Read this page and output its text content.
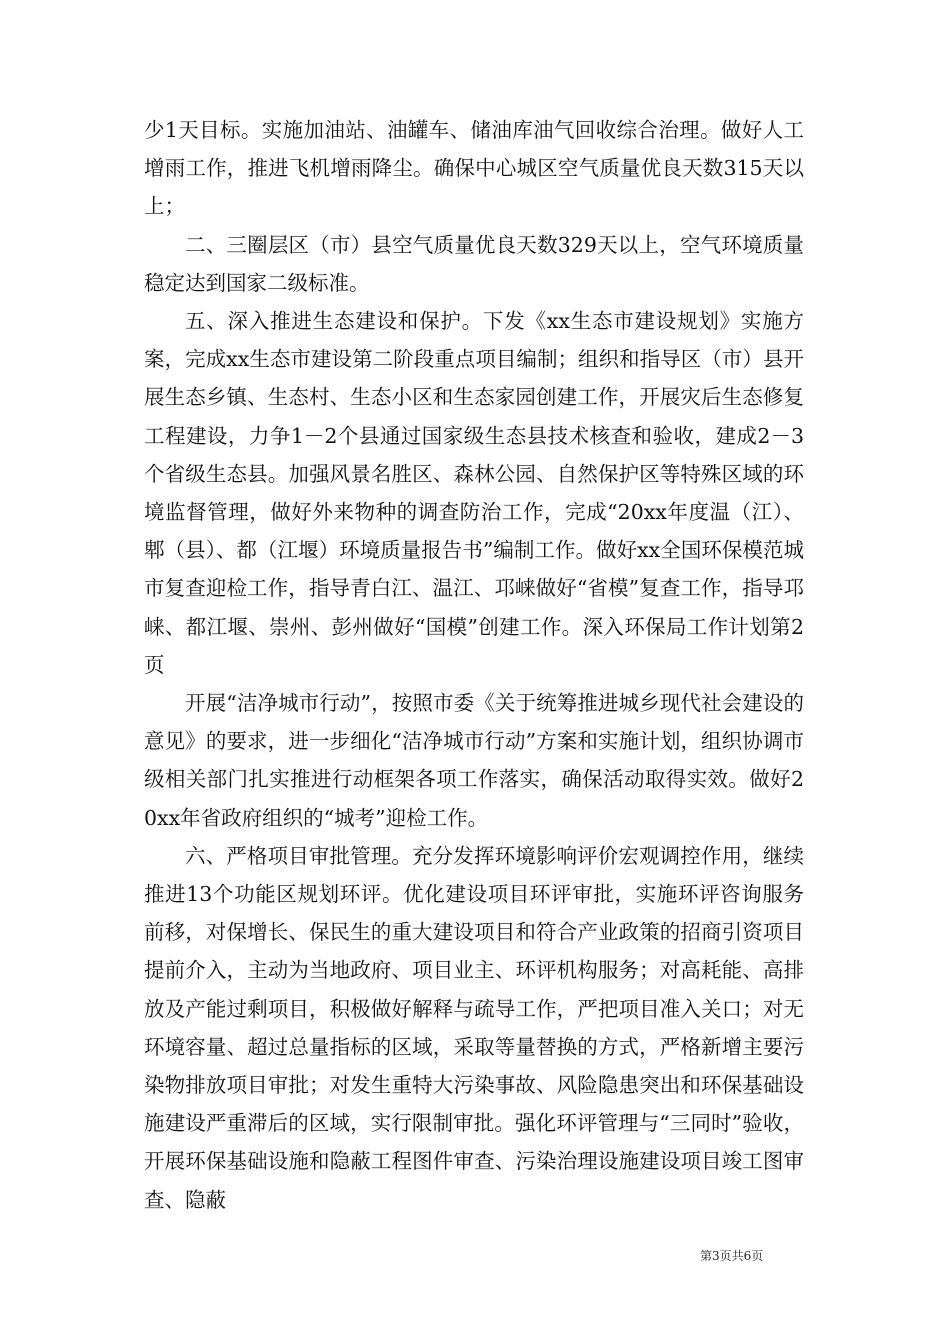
少1天目标。实施加油站、油罐车、储油库油气回收综合治理。做好人工增雨工作，推进飞机增雨降尘。确保中心城区空气质量优良天数315天以上；

二、三圈层区（市）县空气质量优良天数329天以上，空气环境质量稳定达到国家二级标准。

五、深入推进生态建设和保护。下发《xx生态市建设规划》实施方案，完成xx生态市建设第二阶段重点项目编制；组织和指导区（市）县开展生态乡镇、生态村、生态小区和生态家园创建工作，开展灾后生态修复工程建设，力争1－2个县通过国家级生态县技术核查和验收，建成2－3个省级生态县。加强风景名胜区、森林公园、自然保护区等特殊区域的环境监督管理，做好外来物种的调查防治工作，完成“20xx年度温（江）、郫（县）、都（江堰）环境质量报告书”编制工作。做好xx全国环保模范城市复查迎检工作，指导青白江、温江、邛崃做好“省模”复查工作，指导邛崃、都江堰、崇州、彭州做好“国模”创建工作。深入环保局工作计划第2页

开展“洁净城市行动”，按照市委《关于统筹推进城乡现代社会建设的意见》的要求，进一步细化“洁净城市行动”方案和实施计划，组织协调市级相关部门扎实推进行动框架各项工作落实，确保活动取得实效。做好20xx年省政府组织的“城考”迎检工作。

六、严格项目审批管理。充分发挥环境影响评价宏观调控作用，继续推进13个功能区规划环评。优化建设项目环评审批，实施环评咨询服务前移，对保增长、保民生的重大建设项目和符合产业政策的招商引资项目提前介入，主动为当地政府、项目业主、环评机构服务；对高耗能、高排放及产能过剩项目，积极做好解释与疏导工作，严把项目准入关口；对无环境容量、超过总量指标的区域，采取等量替换的方式，严格新增主要污染物排放项目审批；对发生重特大污染事故、风险隐患突出和环保基础设施建设严重滞后的区域，实行限制审批。强化环评管理与“三同时”验收，开展环保基础设施和隐蔽工程图件审查、污染治理设施建设项目竣工图审查、隐蔽

第3页共6页
